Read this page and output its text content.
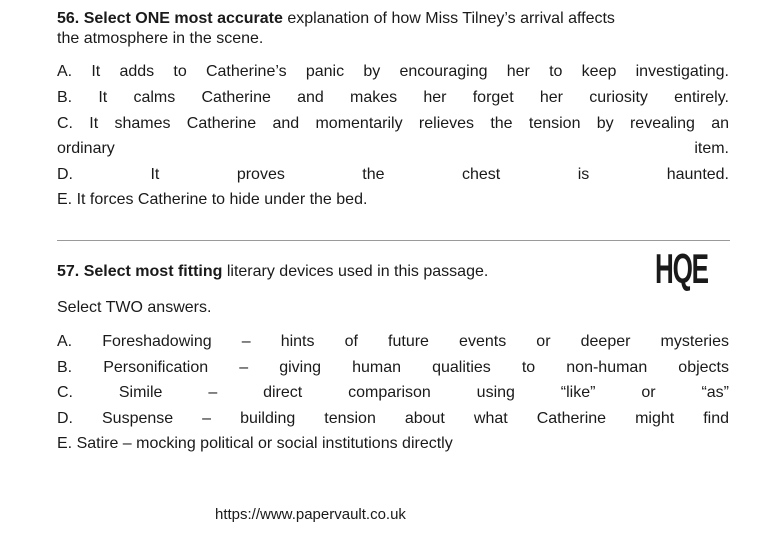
56. Select ONE most accurate explanation of how Miss Tilney’s arrival affects
the atmosphere in the scene.
A. It adds to Catherine’s panic by encouraging her to keep investigating.
B. It calms Catherine and makes her forget her curiosity entirely.
C. It shames Catherine and momentarily relieves the tension by revealing an
ordinary item.
D. It proves the chest is haunted.
E. It forces Catherine to hide under the bed.
HQE
57. Select most fitting literary devices used in this passage.
Select TWO answers.
A. Foreshadowing – hints of future events or deeper mysteries
B. Personification – giving human qualities to non-human objects
C. Simile – direct comparison using “like” or “as”
D. Suspense – building tension about what Catherine might find
E. Satire – mocking political or social institutions directly
https://www.papervault.co.uk
